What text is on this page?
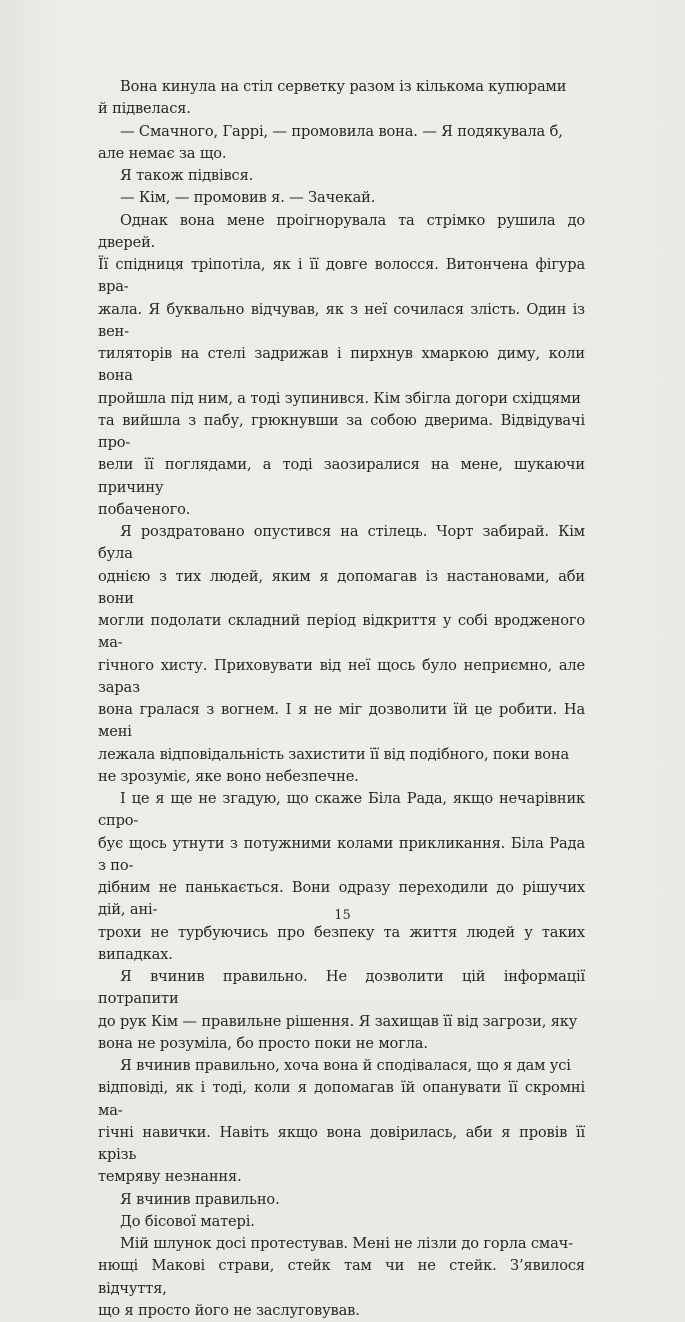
Вона кинула на стіл серветку разом із кількома купюрами
й підвелася.

— Смачного, Гаррі, — промовила вона. — Я подякувала б,
але немає за що.

Я також підвівся.

— Кім, — промовив я. — Зачекай.

Однак вона мене проігнорувала та стрімко рушила до дверей.
Її спідниця тріпотіла, як і її довге волосся. Витончена фігура вра-
жала. Я буквально відчував, як з неї сочилася злість. Один із вен-
тиляторів на стелі задрижав і пирхнув хмаркою диму, коли вона
пройшла під ним, а тоді зупинився. Кім збігла догори східцями
та вийшла з пабу, грюкнувши за собою дверима. Відвідувачі про-
вели її поглядами, а тоді заозиралися на мене, шукаючи причину
побаченого.

Я роздратовано опустився на стілець. Чорт забирай. Кім була
однією з тих людей, яким я допомагав із настановами, аби вони
могли подолати складний період відкриття у собі вродженого ма-
гічного хисту. Приховувати від неї щось було неприємно, але зараз
вона гралася з вогнем. І я не міг дозволити їй це робити. На мені
лежала відповідальність захистити її від подібного, поки вона
не зрозуміє, яке воно небезпечне.

І це я ще не згадую, що скаже Біла Рада, якщо нечарівник спро-
бує щось утнути з потужними колами прикликання. Біла Рада з по-
дібним не панькається. Вони одразу переходили до рішучих дій, ані-
трохи не турбуючись про безпеку та життя людей у таких випадках.

Я вчинив правильно. Не дозволити цій інформації потрапити
до рук Кім — правильне рішення. Я захищав її від загрози, яку
вона не розуміла, бо просто поки не могла.

Я вчинив правильно, хоча вона й сподівалася, що я дам усі
відповіді, як і тоді, коли я допомагав їй опанувати її скромні ма-
гічні навички. Навіть якщо вона довірилась, аби я провів її крізь
темряву незнання.

Я вчинив правильно.

До бісової матері.

Мій шлунок досі протестував. Мені не лізли до горла смач-
нющі Макові страви, стейк там чи не стейк. З’явилося відчуття,
що я просто його не заслуговував.

15
